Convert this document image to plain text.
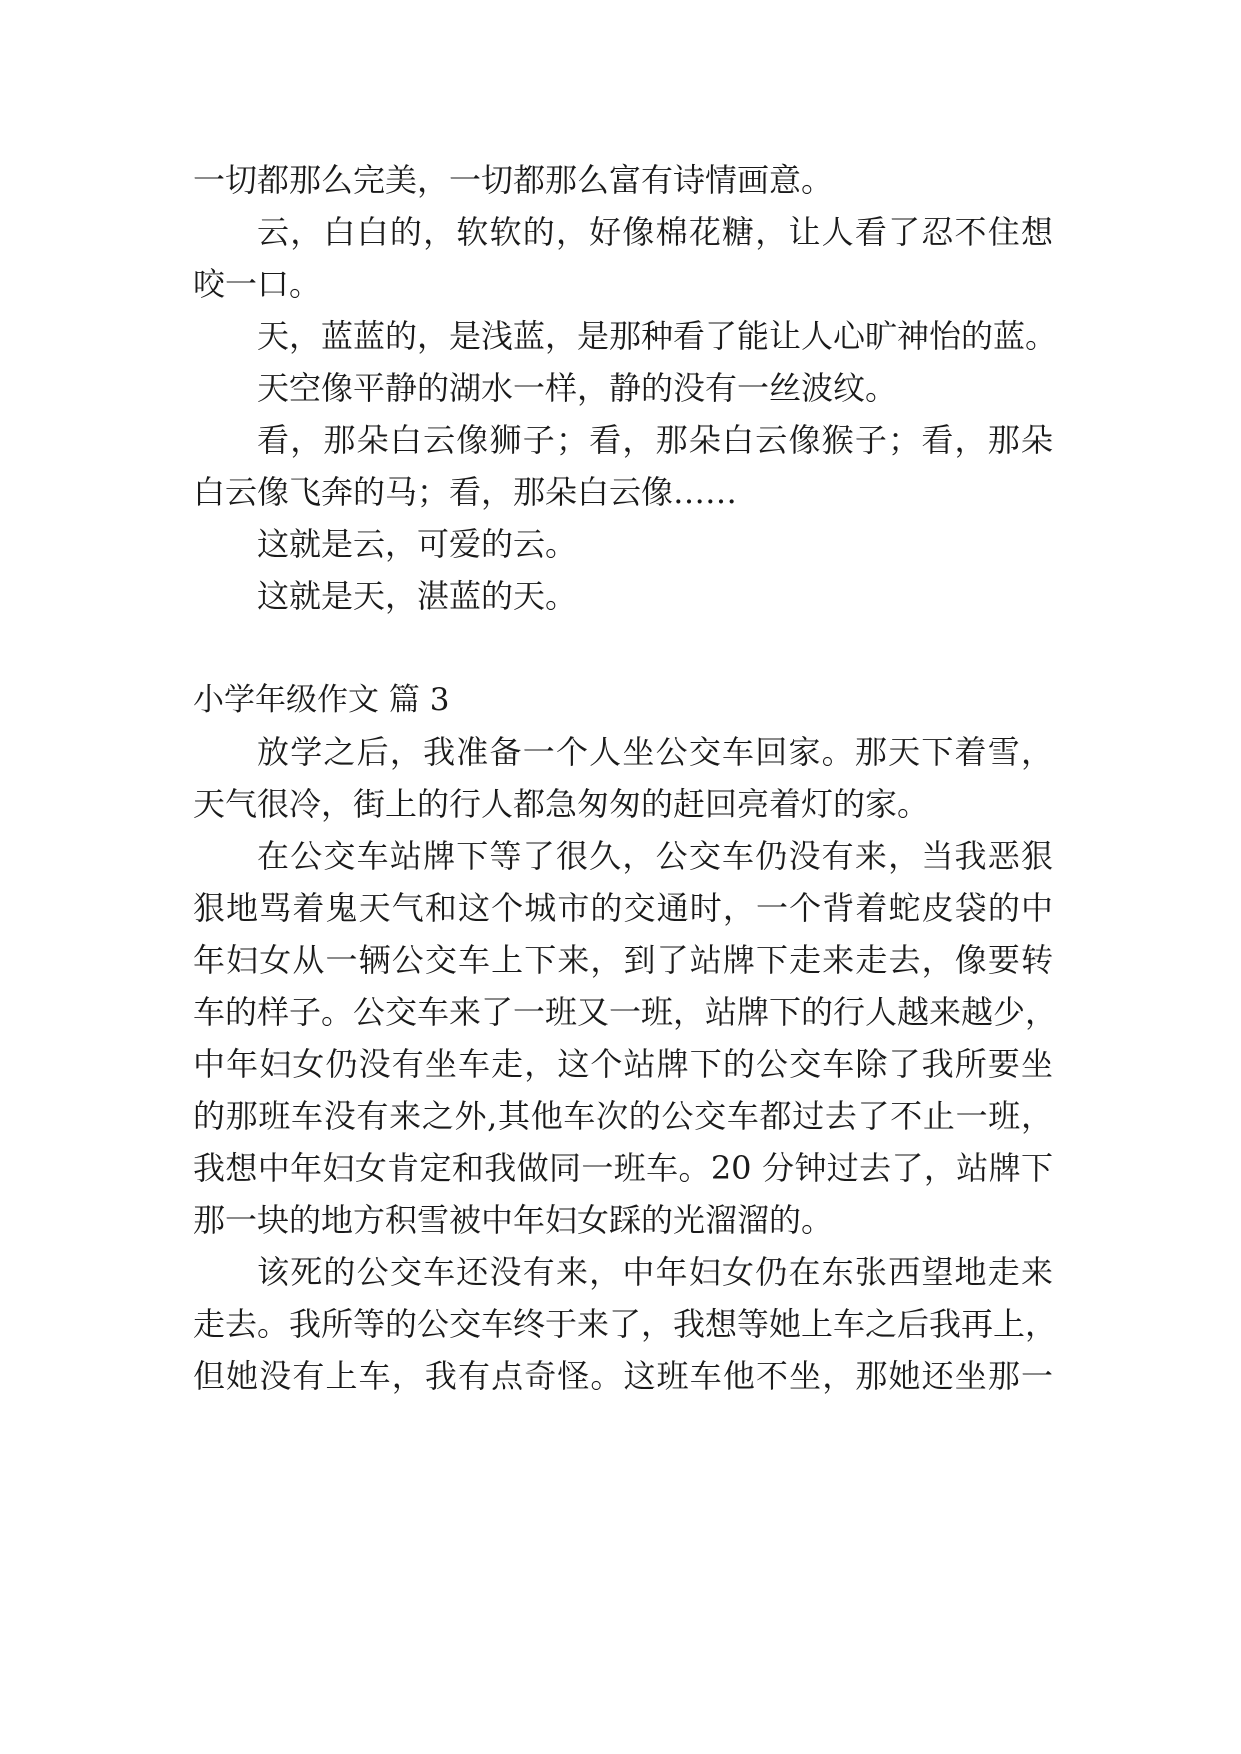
一切都那么完美，一切都那么富有诗情画意。
云，白白的，软软的，好像棉花糖，让人看了忍不住想
咬一口。
天，蓝蓝的，是浅蓝，是那种看了能让人心旷神怡的蓝。
天空像平静的湖水一样，静的没有一丝波纹。
看，那朵白云像狮子；看，那朵白云像猴子；看，那朵
白云像飞奔的马；看，那朵白云像……
这就是云，可爱的云。
这就是天，湛蓝的天。
小学年级作文 篇 3
放学之后，我准备一个人坐公交车回家。那天下着雪，
天气很冷，街上的行人都急匆匆的赶回亮着灯的家。
在公交车站牌下等了很久，公交车仍没有来，当我恶狠
狠地骂着鬼天气和这个城市的交通时，一个背着蛇皮袋的中
年妇女从一辆公交车上下来，到了站牌下走来走去，像要转
车的样子。公交车来了一班又一班，站牌下的行人越来越少，
中年妇女仍没有坐车走，这个站牌下的公交车除了我所要坐
的那班车没有来之外,其他车次的公交车都过去了不止一班，
我想中年妇女肯定和我做同一班车。20 分钟过去了，站牌下
那一块的地方积雪被中年妇女踩的光溜溜的。
该死的公交车还没有来，中年妇女仍在东张西望地走来
走去。我所等的公交车终于来了，我想等她上车之后我再上，
但她没有上车，我有点奇怪。这班车他不坐，那她还坐那一
